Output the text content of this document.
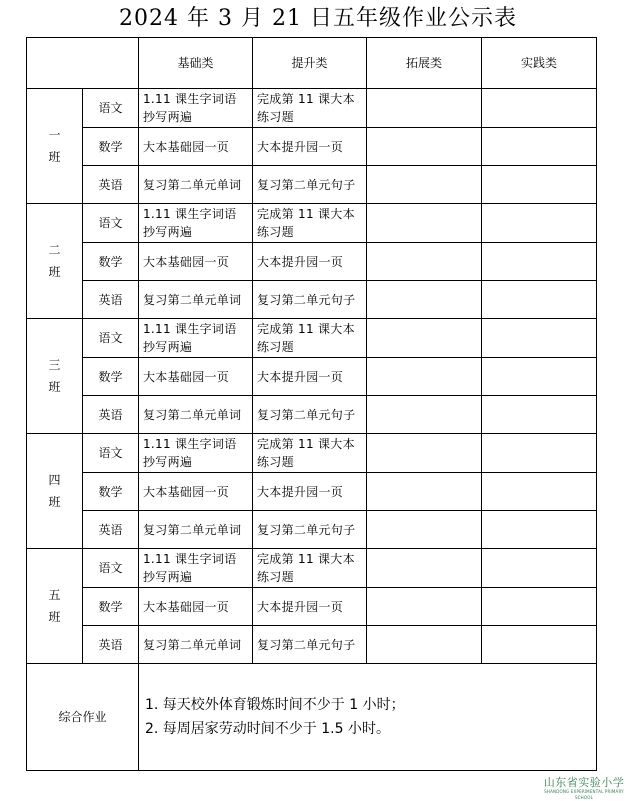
2024 年 3 月 21 日五年级作业公示表
		基础类	提升类	拓展类	实践类

一
班	语文	1.11 课生字词语抄写两遍	完成第 11 课大本练习题		
	数学	大本基础园一页	大本提升园一页		
	英语	复习第二单元单词	复习第二单元句子		

二
班	语文	1.11 课生字词语抄写两遍	完成第 11 课大本练习题		
	数学	大本基础园一页	大本提升园一页		
	英语	复习第二单元单词	复习第二单元句子		

三
班	语文	1.11 课生字词语抄写两遍	完成第 11 课大本练习题		
	数学	大本基础园一页	大本提升园一页		
	英语	复习第二单元单词	复习第二单元句子		

四
班	语文	1.11 课生字词语抄写两遍	完成第 11 课大本练习题		
	数学	大本基础园一页	大本提升园一页		
	英语	复习第二单元单词	复习第二单元句子		

五
班	语文	1.11 课生字词语抄写两遍	完成第 11 课大本练习题		
	数学	大本基础园一页	大本提升园一页		
	英语	复习第二单元单词	复习第二单元句子		
综合作业		1. 每天校外体育锻炼时间不少于 1 小时；
2. 每周居家劳动时间不少于 1.5 小时。			
山东省实验小学
SHANDONG EXPERIMENTAL PRIMARY SCHOOL
